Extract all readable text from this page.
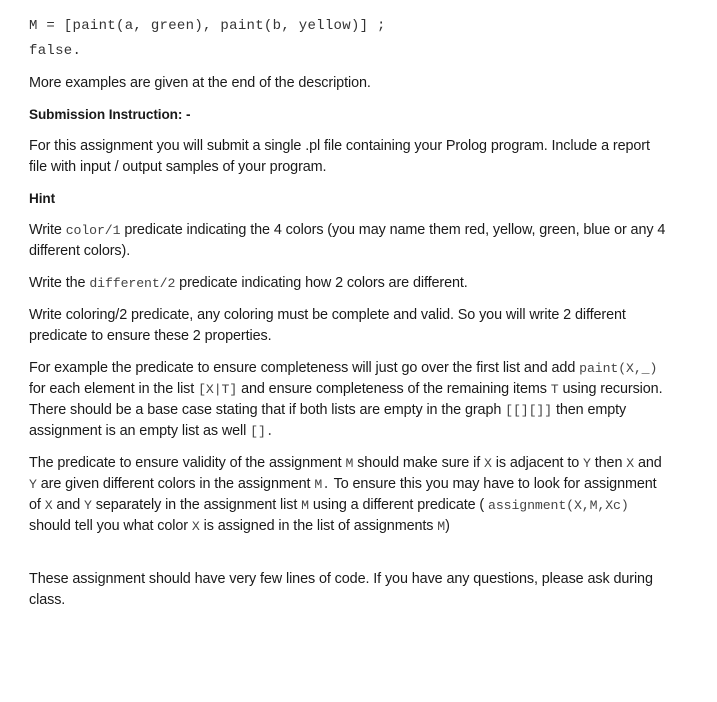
M = [paint(a, green), paint(b, yellow)] ;

false.

More examples are given at the end of the description.

Submission Instruction: -

For this assignment you will submit a single .pl file containing your Prolog program. Include a report file with input / output samples of your program.

Hint

Write color/1 predicate indicating the 4 colors (you may name them red, yellow, green, blue or any 4 different colors).

Write the different/2 predicate indicating how 2 colors are different.

Write coloring/2 predicate, any coloring must be complete and valid. So you will write 2 different predicate to ensure these 2 properties.

For example the predicate to ensure completeness will just go over the first list and add paint(X,_) for each element in the list [X|T] and ensure completeness of the remaining items T using recursion. There should be a base case stating that if both lists are empty in the graph [[][]] then empty assignment is an empty list as well [].

The predicate to ensure validity of the assignment M should make sure if X is adjacent to Y then X and Y are given different colors in the assignment M. To ensure this you may have to look for assignment of X and Y separately in the assignment list M using a different predicate ( assignment(X,M,Xc) should tell you what color X is assigned in the list of assignments M)

These assignment should have very few lines of code. If you have any questions, please ask during class.
